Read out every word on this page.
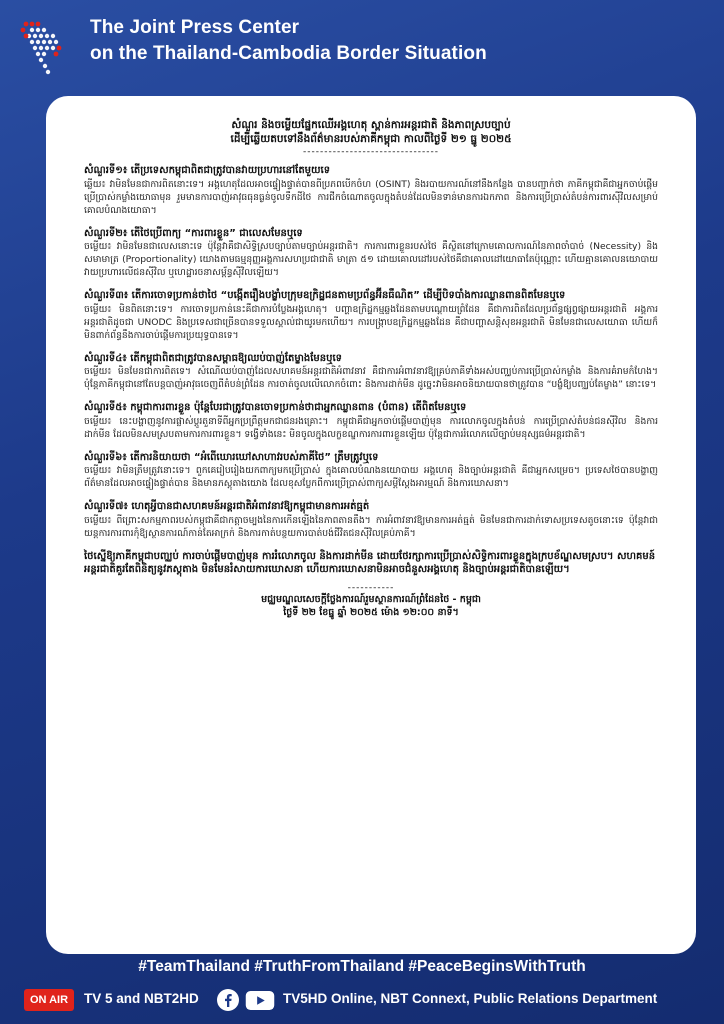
The Joint Press Center
on the Thailand-Cambodia Border Situation
សំណួរ និងចម្លើយផ្នែកឈើអង្គហេតុ ស្ពាន់ការអន្តរជាតិ និងភាពស្របច្បាប់
ដើម្បីឆ្លើយតបទៅនឹងព័ត៌មានរបស់ភាគីកម្ពុជា កាលពីថ្ងៃទី ២១ ធ្នូ ២០២៥
--------------------------------
សំណួរទី១៖ តើប្រទេសកម្ពុជាពិតជាត្រូវបានវាយប្រហារនៅតែមួយទេ
ឆ្លើយ៖ វាមិនមែនជាការពិតនោះទេ។ អង្គហេតុដែលអាចផ្ទៀងផ្ទាត់បានពីប្រភពបើកចំហ (OSINT) និងរបាយការណ៍នៅនឹងកន្លែង បានបញ្ជាក់ថា ភាគីកម្ពុជាគឺជាអ្នកចាប់ផ្តើមប្រើប្រាស់កម្លាំងយោធាមុន រួមមានការបាញ់អាវុធធុនធ្ងន់ចូលទឹកដីថៃ ការជីកចំណោតចូលក្នុងតំបន់ដែលមិនទាន់មានការឯកភាព និងការប្រើប្រាស់តំបន់ការពារស៊ីវិលសម្រាប់គោលបំណងយោធា។
សំណួរទី២៖ តើថៃប្រើពាក្យ “ការពារខ្លួន” ជាលេសមែនឬទេ
ចម្លើយ៖ វាមិនមែនជាលេសនោះទេ ប៉ុន្តែវាគឺជាសិទ្ធិស្របច្បាប់តាមច្បាប់អន្តរជាតិ។ ការការពារខ្លួនរបស់ថៃ គឺស្ថិតនៅក្រោមគោលការណ៍នៃភាពចាំបាច់ (Necessity) និងសមាមាត្រ (Proportionality) យោងតាមធម្មនុញ្ញអង្គការសហប្រជាជាតិ មាត្រា ៥១ ដោយគោលដៅរបស់ថៃគឺជាគោលដៅយោធាតែប៉ុណ្ណោះ ហើយគ្មានគោលនយោបាយវាយប្រហារលើជនស៊ីវិល ឬហេដ្ឋារចនាសម្ព័ន្ធស៊ីវិលឡើយ។
សំណួរទី៣៖ តើការចោទប្រកាន់ថាថៃ “បង្កើតរឿងបង្ខាំបក្រុមឧក្រិដ្ឋជនតាមប្រព័ន្ធអ៊ីនធឺណិត” ដើម្បីបិទបាំងការឈ្លានពានពិតមែនឬទេ
ចម្លើយ៖ មិនពិតនោះទេ។ ការចោទប្រកាន់នេះគឺជាការបំប្លែងអង្គហេតុ។ បញ្ហាឧក្រិដ្ឋកម្មឆ្លងដែនតាមបណ្តោយព្រំដែន គឺជាការពិតដែលប្រព័ន្ធផ្សព្វផ្សាយអន្តរជាតិ អង្គការអន្តរជាតិដូចជា UNODC និងប្រទេសជាច្រើនបានទទួលស្គាល់ជាយូរមកហើយ។ ការបង្ក្រាបឧក្រិដ្ឋកម្មឆ្លងដែន គឺជាបញ្ហាសន្តិសុខអន្តរជាតិ មិនមែនជាលេសយោធា ហើយក៏មិនពាក់ព័ន្ធនឹងការចាប់ផ្តើមការប្រយុទ្ធបានទេ។
សំណួរទី៤៖ តើកម្ពុជាពិតជាត្រូវបានសម្ពាធឱ្យឈប់បាញ់តែម្ខាងមែនឬទេ
ចម្លើយ៖ មិនមែនជាការពិតទេ។ សំណើឈប់បាញ់ដែលសហគមន៍អន្តរជាតិអំពាវនាវ គឺជាការអំពាវនាវឱ្យគ្រប់ភាគីទាំងអស់បញ្ឈប់ការប្រើប្រាស់កម្លាំង និងការគំរាមកំហែង។ ប៉ុន្តែភាគីកម្ពុជានៅតែបន្តបាញ់អាវុធចេញពីតំបន់ព្រំដែន ការចាត់ចូលលើលោកចំពោះ និងការដាក់មីន ដូច្នេះវាមិនអាចនិយាយបានថាត្រូវបាន “បង្ខំឱ្យបញ្ឈប់តែម្ខាង” នោះទេ។
សំណួរទី៥៖ កម្ពុជាការពារខ្លួន ប៉ុន្តែបែរជាត្រូវបានចោទប្រកាន់ថាជាអ្នកឈ្លានពាន (បំពាន) តើពិតមែនឬទេ
ចម្លើយ៖ នេះបង្ហាញនូវការផ្លាស់ប្តូរតួនាទីពីអ្នកប្រព្រឹត្តមកជាជនរងគ្រោះ។ កម្ពុជាគឺជាអ្នកចាប់ផ្តើមបាញ់មុន ការលោភចូលក្នុងតំបន់ ការប្រើប្រាស់តំបន់ជនស៊ីវិល និងការដាក់មីន ដែលមិនសមស្របតាមការការពារខ្លួន។ ទង្វើទាំងនេះ មិនចូលក្នុងលក្ខខណ្ឌការការពារខ្លួនឡើយ ប៉ុន្តែជាការរំលោភលើច្បាប់មនុស្សធម៌អន្តរជាតិ។
សំណួរទី៦៖ តើការនិយាយថា “អំពើឃោរឃៅសាហាវរបស់ភាគីថៃ” ត្រឹមត្រូវឬទេ
ចម្លើយ៖ វាមិនត្រឹមត្រូវនោះទេ។ ពួកគេរៀបរៀងយកពាក្យមកប្រើប្រាស់ ក្នុងគោលបំណងនយោបាយ អង្គហេតុ និងច្បាប់អន្តរជាតិ គឺជាអ្នកសម្រេច។ ប្រទេសថៃបានបង្ហាញព័ត៌មានដែលអាចផ្ទៀងផ្ទាត់បាន និងមានភស្តុតាងយោង ដែលខុសប្លែកពីការប្រើប្រាស់ពាក្យសម្តីស្តែងអារម្មណ៍ និងការឃោសនា។
សំណួរទី៧៖ ហេតុអ្វីបានជាសហគមន៍អន្តរជាតិអំពាវនាវឱ្យកម្ពុជាមានការអត់ធ្មត់
ចម្លើយ៖ ពីព្រោះសកម្មភាពរបស់កម្ពុជាគឺជាកត្តាចម្បងនៃការកើនឡើងនៃភាពតានតឹង។ ការអំពាវនាវឱ្យមានការអត់ធ្មត់ មិនមែនជាការដាក់ទោសប្រទេសតូចនោះទេ ប៉ុន្តែវាជាយន្តការការពារកុំឱ្យស្ថានការណ៍កាន់តែអាក្រក់ និងការកាត់បន្ថយការបាត់បង់ជីវិតជនស៊ីវិលគ្រប់ភាគី។
ថៃស្នើឱ្យភាគីកម្ពុជាបញ្ឈប់ ការចាប់ផ្តើមបាញ់មុន ការរំលោភចូល និងការដាក់មីន ដោយថែរក្សាការប្រើប្រាស់សិទ្ធិការពារខ្លួនក្នុងក្របខ័ណ្ឌសមស្រប។ សហគមន៍អន្តរជាតិគួរតែពិនិត្យនូវភស្តុតាង មិនមែនរំសាយការឃោសនា ហើយការឃោសនាមិនអាចជំនួសអង្គហេតុ និងច្បាប់អន្តរជាតិបានឡើយ។
-----------
មជ្ឈមណ្ឌលសេចក្តីថ្លែងការណ៍រួមស្ថានការណ៍ព្រំដែនថៃ - កម្ពុជា
ថ្ងៃទី ២២ ខែធ្នូ ឆ្នាំ ២០២៥ ម៉ោង ១២:០០ នាទី។
#TeamThailand #TruthFromThailand #PeaceBeginsWithTruth
ON AIR	TV 5 and NBT2HD	TV5HD Online, NBT Connext, Public Relations Department
